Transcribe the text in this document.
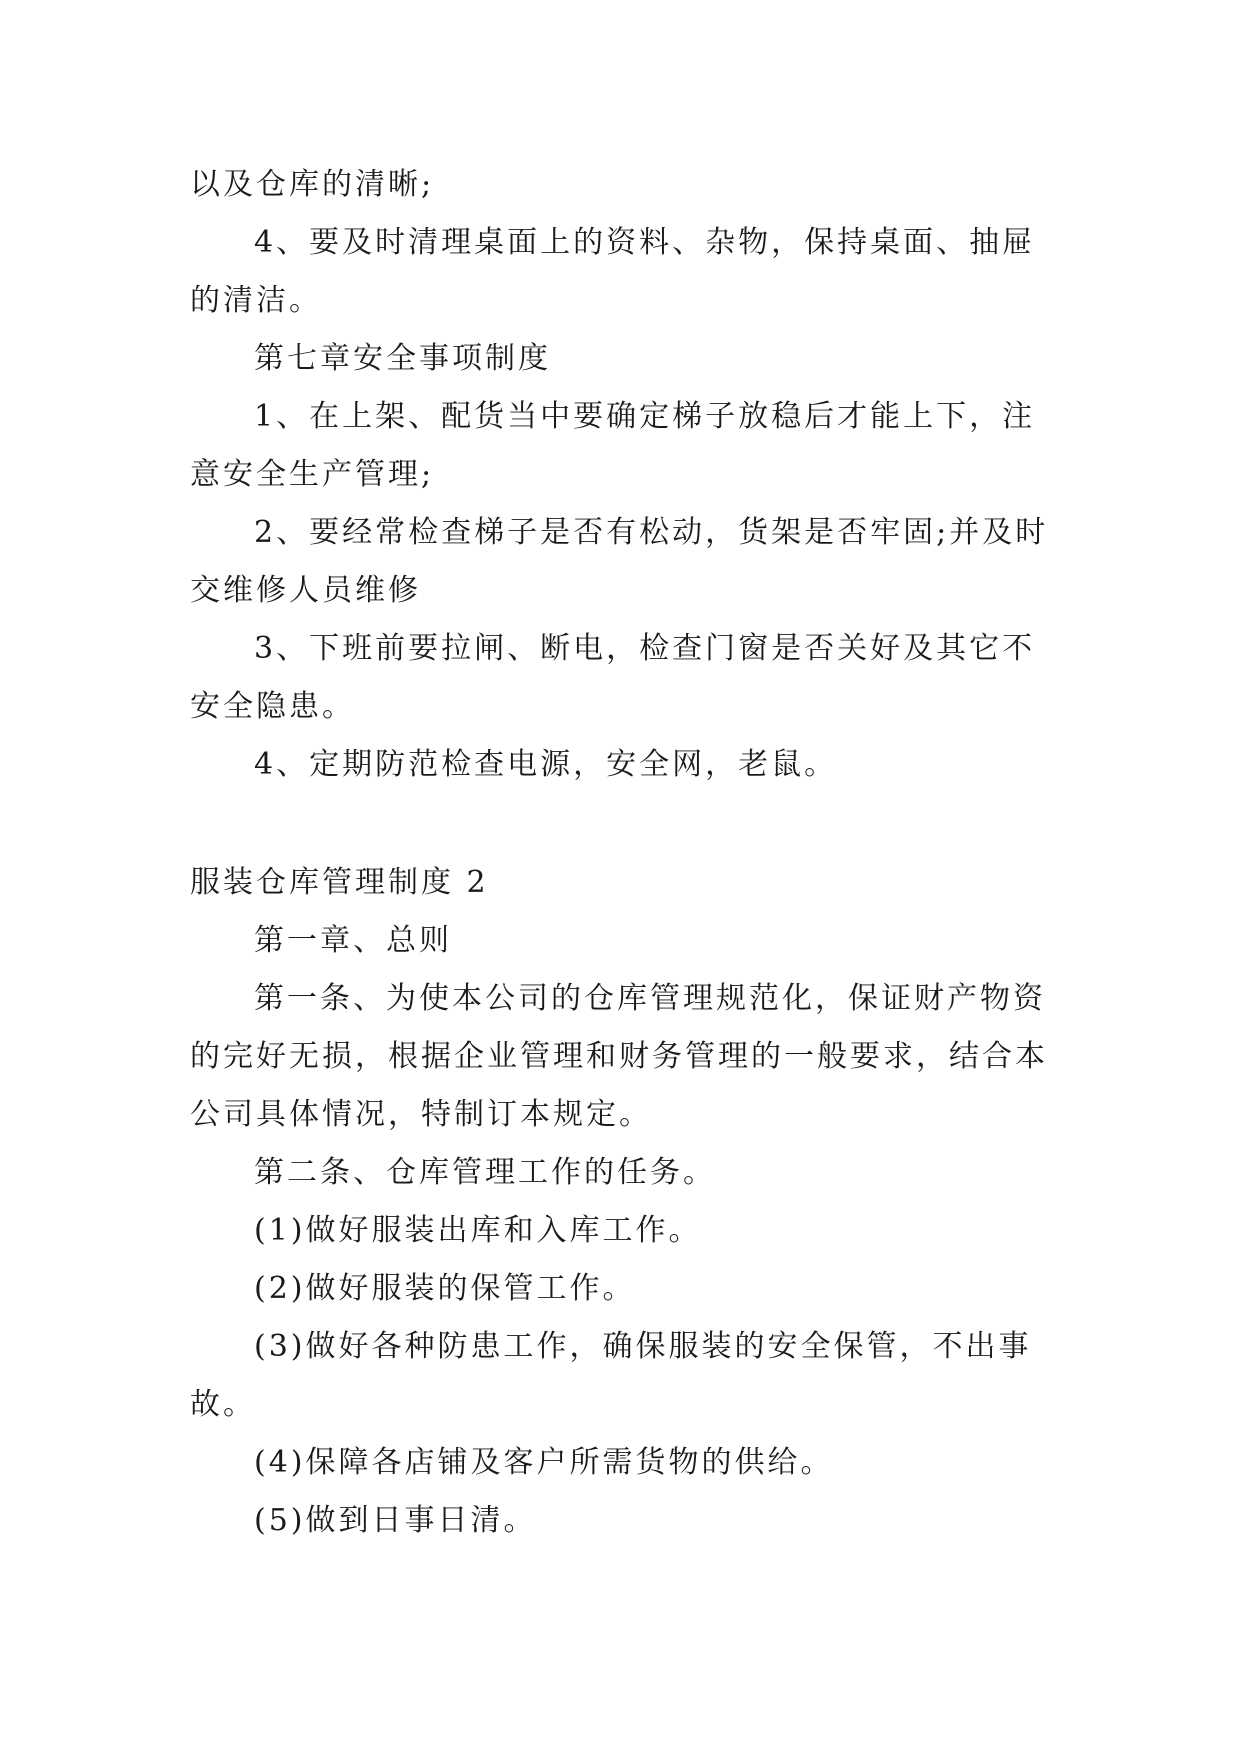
以及仓库的清晰;
4、要及时清理桌面上的资料、杂物，保持桌面、抽屉
的清洁。
第七章安全事项制度
1、在上架、配货当中要确定梯子放稳后才能上下，注
意安全生产管理;
2、要经常检查梯子是否有松动，货架是否牢固;并及时
交维修人员维修
3、下班前要拉闸、断电，检查门窗是否关好及其它不
安全隐患。
4、定期防范检查电源，安全网，老鼠。
服装仓库管理制度 2
第一章、总则
第一条、为使本公司的仓库管理规范化，保证财产物资
的完好无损，根据企业管理和财务管理的一般要求，结合本
公司具体情况，特制订本规定。
第二条、仓库管理工作的任务。
(1)做好服装出库和入库工作。
(2)做好服装的保管工作。
(3)做好各种防患工作，确保服装的安全保管，不出事
故。
(4)保障各店铺及客户所需货物的供给。
(5)做到日事日清。
